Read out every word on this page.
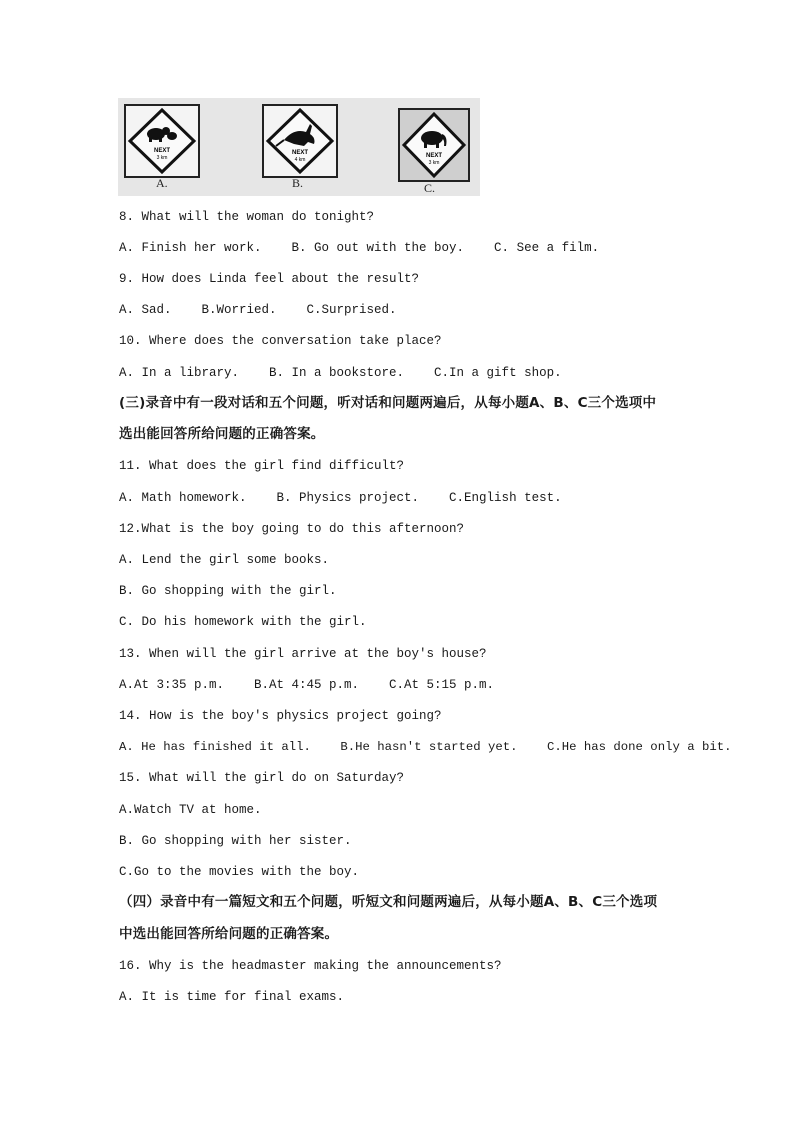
NEXT
3 km
A.
NEXT
4 km
B.
NEXT
3 km
C.
8. What will the woman do tonight?
A. Finish her work.    B. Go out with the boy.    C. See a film.
9. How does Linda feel about the result?
A. Sad.    B.Worried.    C.Surprised.
10. Where does the conversation take place?
A. In a library.    B. In a bookstore.    C.In a gift shop.
(三)录音中有一段对话和五个问题，听对话和问题两遍后，从每小题A、B、C三个选项中
选出能回答所给问题的正确答案。
11. What does the girl find difficult?
A. Math homework.    B. Physics project.    C.English test.
12.What is the boy going to do this afternoon?
A. Lend the girl some books.
B. Go shopping with the girl.
C. Do his homework with the girl.
13. When will the girl arrive at the boy's house?
A.At 3:35 p.m.    B.At 4:45 p.m.    C.At 5:15 p.m.
14. How is the boy's physics project going?
A. He has finished it all.    B.He hasn't started yet.    C.He has done only a bit.
15. What will the girl do on Saturday?
A.Watch TV at home.
B. Go shopping with her sister.
C.Go to the movies with the boy.
（四）录音中有一篇短文和五个问题，听短文和问题两遍后，从每小题A、B、C三个选项
中选出能回答所给问题的正确答案。
16. Why is the headmaster making the announcements?
A. It is time for final exams.
